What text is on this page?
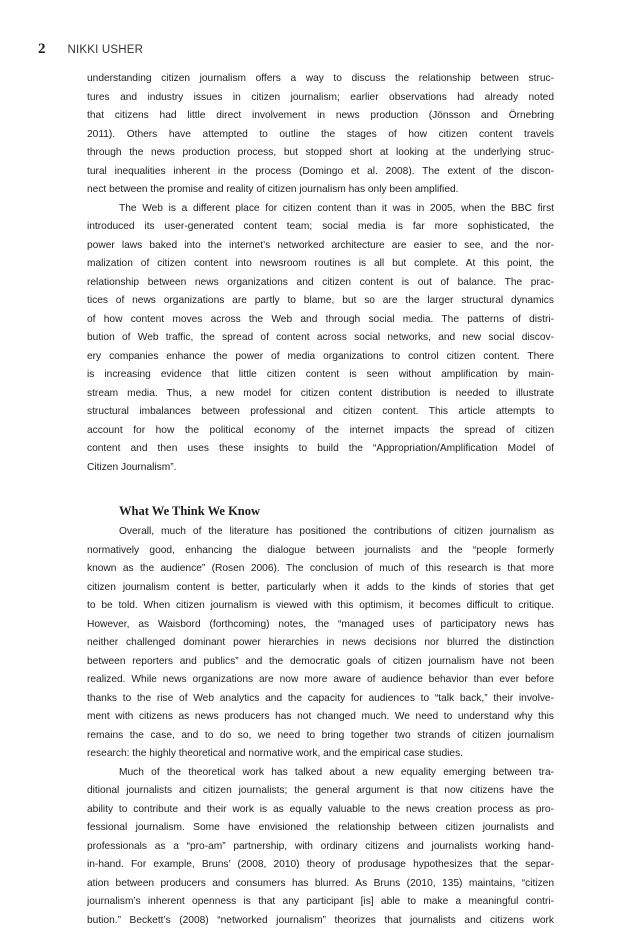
2 NIKKI USHER
understanding citizen journalism offers a way to discuss the relationship between struc-
tures and industry issues in citizen journalism; earlier observations had already noted
that citizens had little direct involvement in news production (Jönsson and Örnebring
2011). Others have attempted to outline the stages of how citizen content travels
through the news production process, but stopped short at looking at the underlying struc-
tural inequalities inherent in the process (Domingo et al. 2008). The extent of the discon-
nect between the promise and reality of citizen journalism has only been amplified.
The Web is a different place for citizen content than it was in 2005, when the BBC first
introduced its user-generated content team; social media is far more sophisticated, the
power laws baked into the internet’s networked architecture are easier to see, and the nor-
malization of citizen content into newsroom routines is all but complete. At this point, the
relationship between news organizations and citizen content is out of balance. The prac-
tices of news organizations are partly to blame, but so are the larger structural dynamics
of how content moves across the Web and through social media. The patterns of distri-
bution of Web traffic, the spread of content across social networks, and new social discov-
ery companies enhance the power of media organizations to control citizen content. There
is increasing evidence that little citizen content is seen without amplification by main-
stream media. Thus, a new model for citizen content distribution is needed to illustrate
structural imbalances between professional and citizen content. This article attempts to
account for how the political economy of the internet impacts the spread of citizen
content and then uses these insights to build the “Appropriation/Amplification Model of
Citizen Journalism”.
What We Think We Know
Overall, much of the literature has positioned the contributions of citizen journalism as
normatively good, enhancing the dialogue between journalists and the “people formerly
known as the audience” (Rosen 2006). The conclusion of much of this research is that more
citizen journalism content is better, particularly when it adds to the kinds of stories that get
to be told. When citizen journalism is viewed with this optimism, it becomes difficult to critique.
However, as Waisbord (forthcoming) notes, the “managed uses of participatory news has
neither challenged dominant power hierarchies in news decisions nor blurred the distinction
between reporters and publics” and the democratic goals of citizen journalism have not been
realized. While news organizations are now more aware of audience behavior than ever before
thanks to the rise of Web analytics and the capacity for audiences to “talk back,” their involve-
ment with citizens as news producers has not changed much. We need to understand why this
remains the case, and to do so, we need to bring together two strands of citizen journalism
research: the highly theoretical and normative work, and the empirical case studies.
Much of the theoretical work has talked about a new equality emerging between tra-
ditional journalists and citizen journalists; the general argument is that now citizens have the
ability to contribute and their work is as equally valuable to the news creation process as pro-
fessional journalism. Some have envisioned the relationship between citizen journalists and
professionals as a “pro-am” partnership, with ordinary citizens and journalists working hand-
in-hand. For example, Bruns’ (2008, 2010) theory of produsage hypothesizes that the separ-
ation between producers and consumers has blurred. As Bruns (2010, 135) maintains, “citizen
journalism’s inherent openness is that any participant [is] able to make a meaningful contri-
bution.” Beckett’s (2008) “networked journalism” theorizes that journalists and citizens work
